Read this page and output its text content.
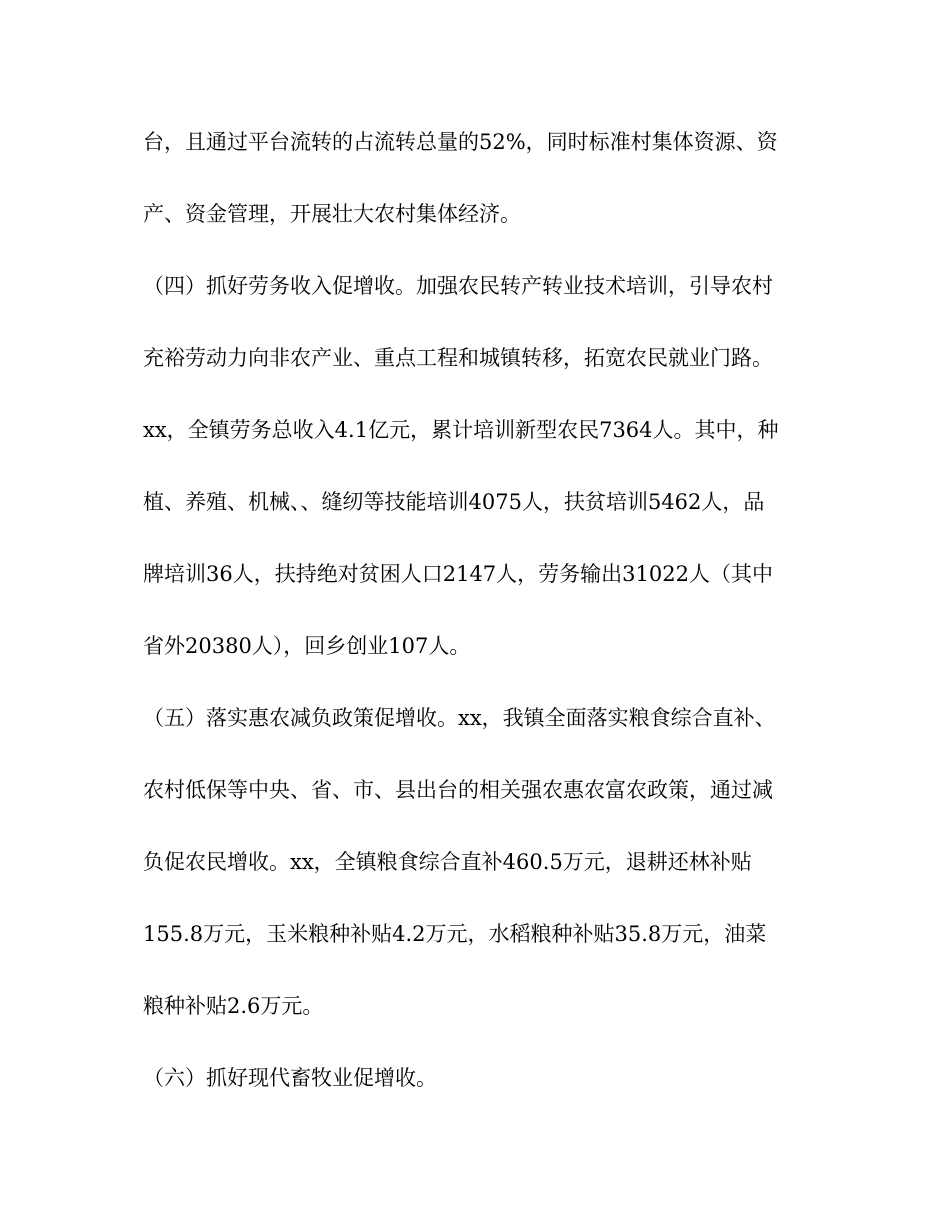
台，且通过平台流转的占流转总量的52%，同时标准村集体资源、资
产、资金管理，开展壮大农村集体经济。
（四）抓好劳务收入促增收。加强农民转产转业技术培训，引导农村
充裕劳动力向非农产业、重点工程和城镇转移，拓宽农民就业门路。
xx，全镇劳务总收入4.1亿元，累计培训新型农民7364人。其中，种
植、养殖、机械、、缝纫等技能培训4075人，扶贫培训5462人，品
牌培训36人，扶持绝对贫困人口2147人，劳务输出31022人（其中
省外20380人），回乡创业107人。
（五）落实惠农减负政策促增收。xx，我镇全面落实粮食综合直补、
农村低保等中央、省、市、县出台的相关强农惠农富农政策，通过减
负促农民增收。xx，全镇粮食综合直补460.5万元，退耕还林补贴
155.8万元，玉米粮种补贴4.2万元，水稻粮种补贴35.8万元，油菜
粮种补贴2.6万元。
（六）抓好现代畜牧业促增收。
